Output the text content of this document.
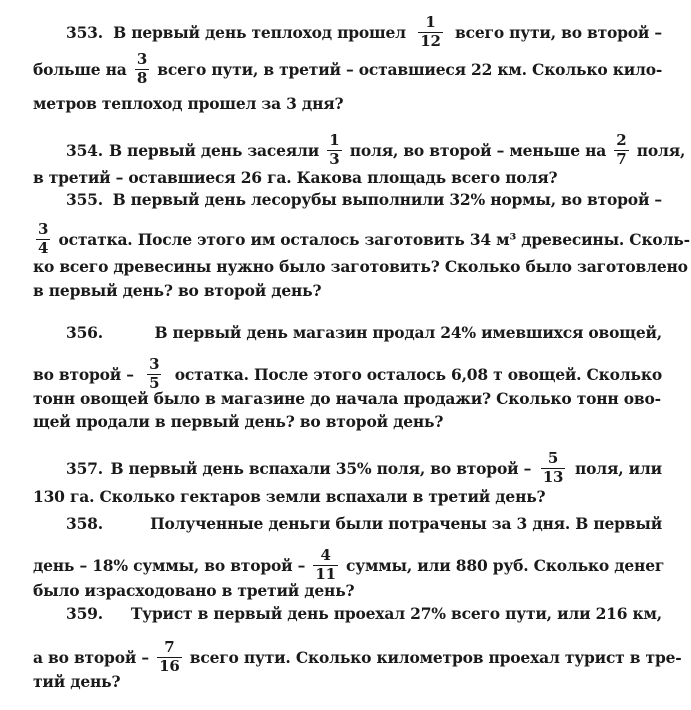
353. В первый день теплоход прошел $\frac{1}{12}$ всего пути, во второй –
больше на $\frac{3}{8}$ всего пути, в третий – оставшиеся 22 км. Сколько кило-
метров теплоход прошел за 3 дня?
354. В первый день засеяли $\frac{1}{3}$ поля, во второй – меньше на $\frac{2}{7}$ поля,
в третий – оставшиеся 26 га. Какова площадь всего поля?
355. В первый день лесорубы выполнили 32% нормы, во второй –
$\frac{3}{4}$ остатка. После этого им осталось заготовить 34 м³ древесины. Сколь-
ко всего древесины нужно было заготовить? Сколько было заготовлено
в первый день? во второй день?
356.	В первый день магазин продал 24% имевшихся овощей,
во второй – $\frac{3}{5}$ остатка. После этого осталось 6,08 т овощей. Сколько
тонн овощей было в магазине до начала продажи? Сколько тонн ово-
щей продали в первый день? во второй день?
357. В первый день вспахали 35% поля, во второй – $\frac{5}{13}$ поля, или
130 га. Сколько гектаров земли вспахали в третий день?
358.	Полученные деньги были потрачены за 3 дня. В первый
день – 18% суммы, во второй – $\frac{4}{11}$ суммы, или 880 руб. Сколько денег
было израсходовано в третий день?
359. Турист в первый день проехал 27% всего пути, или 216 км,
а во второй – $\frac{7}{16}$ всего пути. Сколько километров проехал турист в тре-
тий день?
